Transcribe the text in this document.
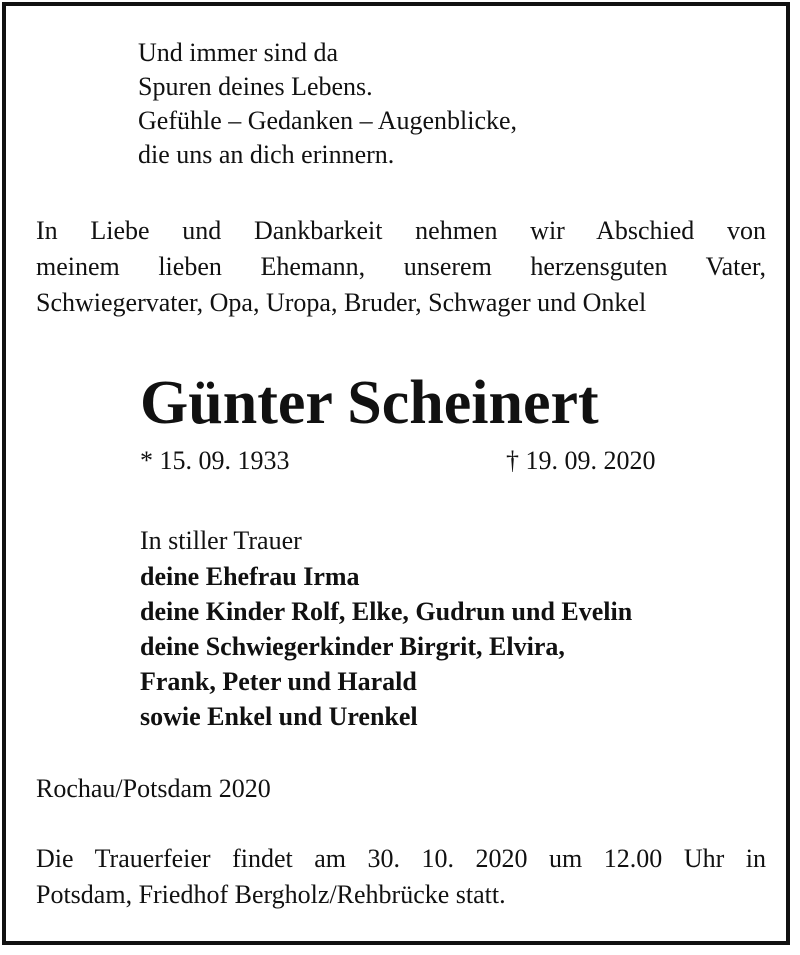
Und immer sind da

Spuren deines Lebens.

Gefühle – Gedanken – Augenblicke,

die uns an dich erinnern.

In Liebe und Dankbarkeit nehmen wir Abschied von

meinem lieben Ehemann, unserem herzensguten Vater,

Schwiegervater, Opa, Uropa, Bruder, Schwager und Onkel

Günter Scheinert

* 15. 09. 1933	† 19. 09. 2020

In stiller Trauer

deine Ehefrau Irma

deine Kinder Rolf, Elke, Gudrun und Evelin

deine Schwiegerkinder Birgrit, Elvira,

Frank, Peter und Harald

sowie Enkel und Urenkel

Rochau/Potsdam 2020

Die Trauerfeier findet am 30. 10. 2020 um 12.00 Uhr in

Potsdam, Friedhof Bergholz/Rehbrücke statt.
